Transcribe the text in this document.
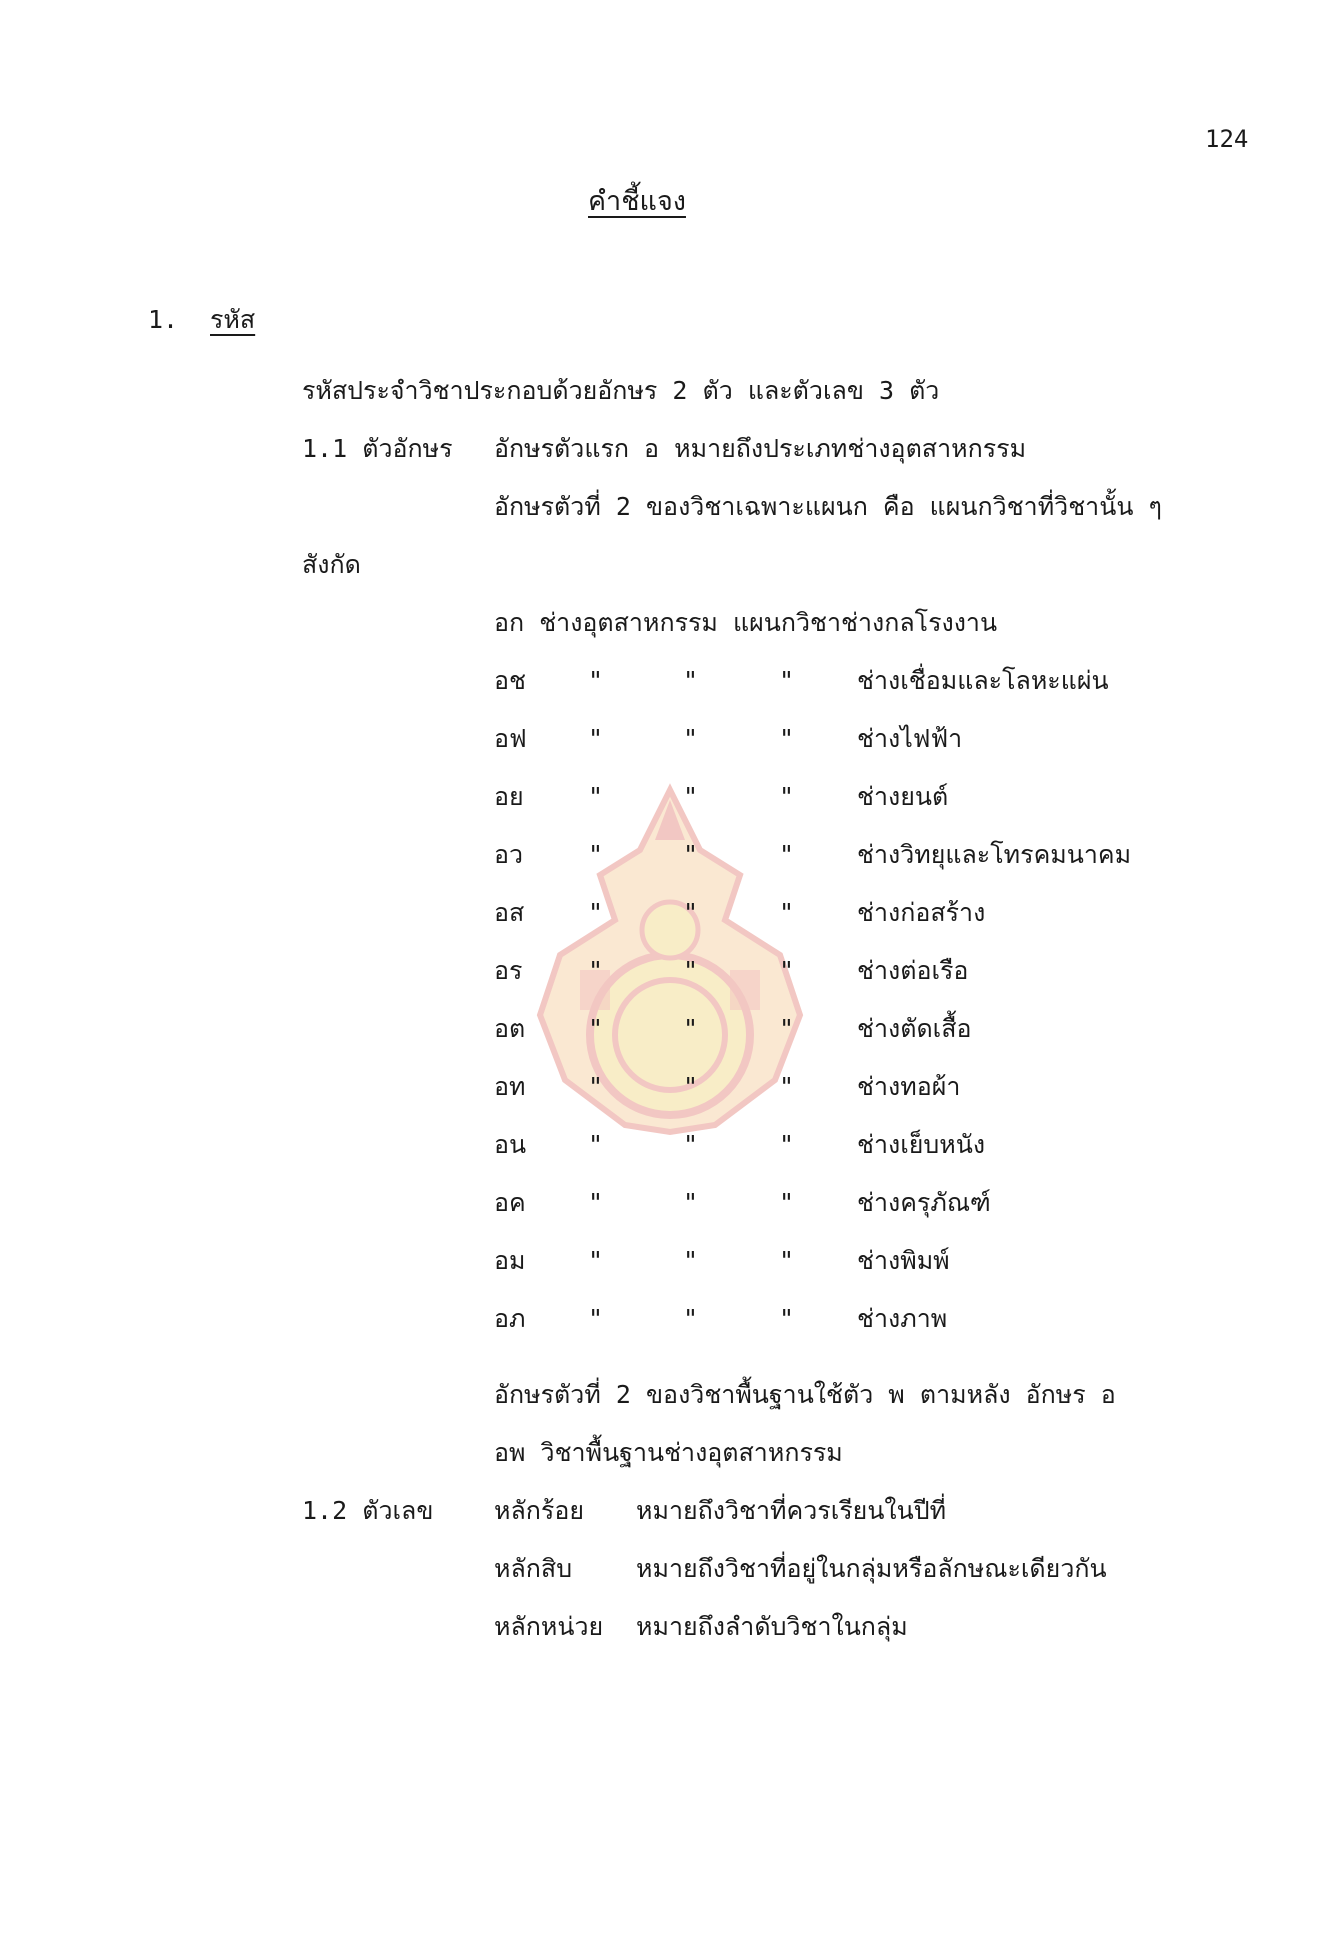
124
คำชี้แจง
1. รหัส
รหัสประจำวิชาประกอบด้วยอักษร 2 ตัว และตัวเลข 3 ตัว
1.1 ตัวอักษร อักษรตัวแรก อ หมายถึงประเภทช่างอุตสาหกรรม
อักษรตัวที่ 2 ของวิชาเฉพาะแผนก คือ แผนกวิชาที่วิชานั้น ๆ
สังกัด
อก ช่างอุตสาหกรรม แผนกวิชาช่างกลโรงงาน
อช "	"	"	ช่างเชื่อมและโลหะแผ่น
อฟ "	"	"	ช่างไฟฟ้า
อย	"	"	"	ช่างยนต์
อว	"	"	"	ช่างวิทยุและโทรคมนาคม
อส	"	"	"	ช่างก่อสร้าง
อร	"	"	"	ช่างต่อเรือ
อต	"	"	"	ช่างตัดเสื้อ
อท	"	"	"	ช่างทอผ้า
อน "	"	"	ช่างเย็บหนัง
อค "	"	"	ช่างครุภัณฑ์
อม	"	"	"	ช่างพิมพ์
อภ	"	"	"	ช่างภาพ
อักษรตัวที่ 2 ของวิชาพื้นฐานใช้ตัว พ ตามหลัง อักษร อ
อพ วิชาพื้นฐานช่างอุตสาหกรรม
1.2 ตัวเลข หลักร้อย หมายถึงวิชาที่ควรเรียนในปีที่
หลักสิบ	หมายถึงวิชาที่อยู่ในกลุ่มหรือลักษณะเดียวกัน
หลักหน่วย หมายถึงลำดับวิชาในกลุ่ม
